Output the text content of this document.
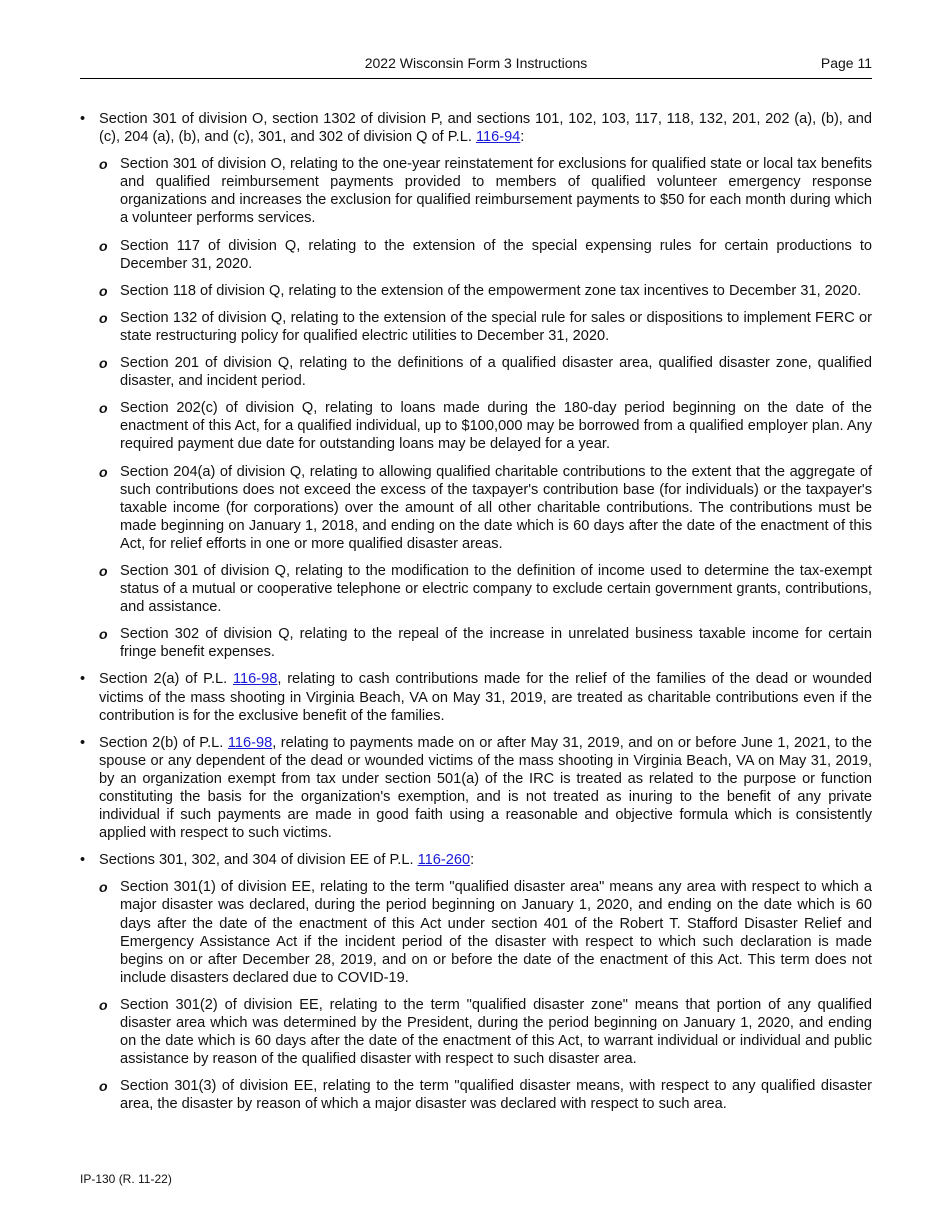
2022 Wisconsin Form 3 Instructions	Page 11
• Section 301 of division O, section 1302 of division P, and sections 101, 102, 103, 117, 118, 132, 201, 202 (a), (b), and (c), 204 (a), (b), and (c), 301, and 302 of division Q of P.L. 116-94:
o Section 301 of division O, relating to the one-year reinstatement for exclusions for qualified state or local tax benefits and qualified reimbursement payments provided to members of qualified volunteer emergency response organizations and increases the exclusion for qualified reimbursement payments to $50 for each month during which a volunteer performs services.
o Section 117 of division Q, relating to the extension of the special expensing rules for certain productions to December 31, 2020.
o Section 118 of division Q, relating to the extension of the empowerment zone tax incentives to December 31, 2020.
o Section 132 of division Q, relating to the extension of the special rule for sales or dispositions to implement FERC or state restructuring policy for qualified electric utilities to December 31, 2020.
o Section 201 of division Q, relating to the definitions of a qualified disaster area, qualified disaster zone, qualified disaster, and incident period.
o Section 202(c) of division Q, relating to loans made during the 180-day period beginning on the date of the enactment of this Act, for a qualified individual, up to $100,000 may be borrowed from a qualified employer plan. Any required payment due date for outstanding loans may be delayed for a year.
o Section 204(a) of division Q, relating to allowing qualified charitable contributions to the extent that the aggregate of such contributions does not exceed the excess of the taxpayer's contribution base (for individuals) or the taxpayer's taxable income (for corporations) over the amount of all other charitable contributions. The contributions must be made beginning on January 1, 2018, and ending on the date which is 60 days after the date of the enactment of this Act, for relief efforts in one or more qualified disaster areas.
o Section 301 of division Q, relating to the modification to the definition of income used to determine the tax-exempt status of a mutual or cooperative telephone or electric company to exclude certain government grants, contributions, and assistance.
o Section 302 of division Q, relating to the repeal of the increase in unrelated business taxable income for certain fringe benefit expenses.
• Section 2(a) of P.L. 116-98, relating to cash contributions made for the relief of the families of the dead or wounded victims of the mass shooting in Virginia Beach, VA on May 31, 2019, are treated as charitable contributions even if the contribution is for the exclusive benefit of the families.
• Section 2(b) of P.L. 116-98, relating to payments made on or after May 31, 2019, and on or before June 1, 2021, to the spouse or any dependent of the dead or wounded victims of the mass shooting in Virginia Beach, VA on May 31, 2019, by an organization exempt from tax under section 501(a) of the IRC is treated as related to the purpose or function constituting the basis for the organization's exemption, and is not treated as inuring to the benefit of any private individual if such payments are made in good faith using a reasonable and objective formula which is consistently applied with respect to such victims.
• Sections 301, 302, and 304 of division EE of P.L. 116-260:
o Section 301(1) of division EE, relating to the term "qualified disaster area" means any area with respect to which a major disaster was declared, during the period beginning on January 1, 2020, and ending on the date which is 60 days after the date of the enactment of this Act under section 401 of the Robert T. Stafford Disaster Relief and Emergency Assistance Act if the incident period of the disaster with respect to which such declaration is made begins on or after December 28, 2019, and on or before the date of the enactment of this Act. This term does not include disasters declared due to COVID-19.
o Section 301(2) of division EE, relating to the term "qualified disaster zone" means that portion of any qualified disaster area which was determined by the President, during the period beginning on January 1, 2020, and ending on the date which is 60 days after the date of the enactment of this Act, to warrant individual or individual and public assistance by reason of the qualified disaster with respect to such disaster area.
o Section 301(3) of division EE, relating to the term "qualified disaster means, with respect to any qualified disaster area, the disaster by reason of which a major disaster was declared with respect to such area.
IP-130 (R. 11-22)
